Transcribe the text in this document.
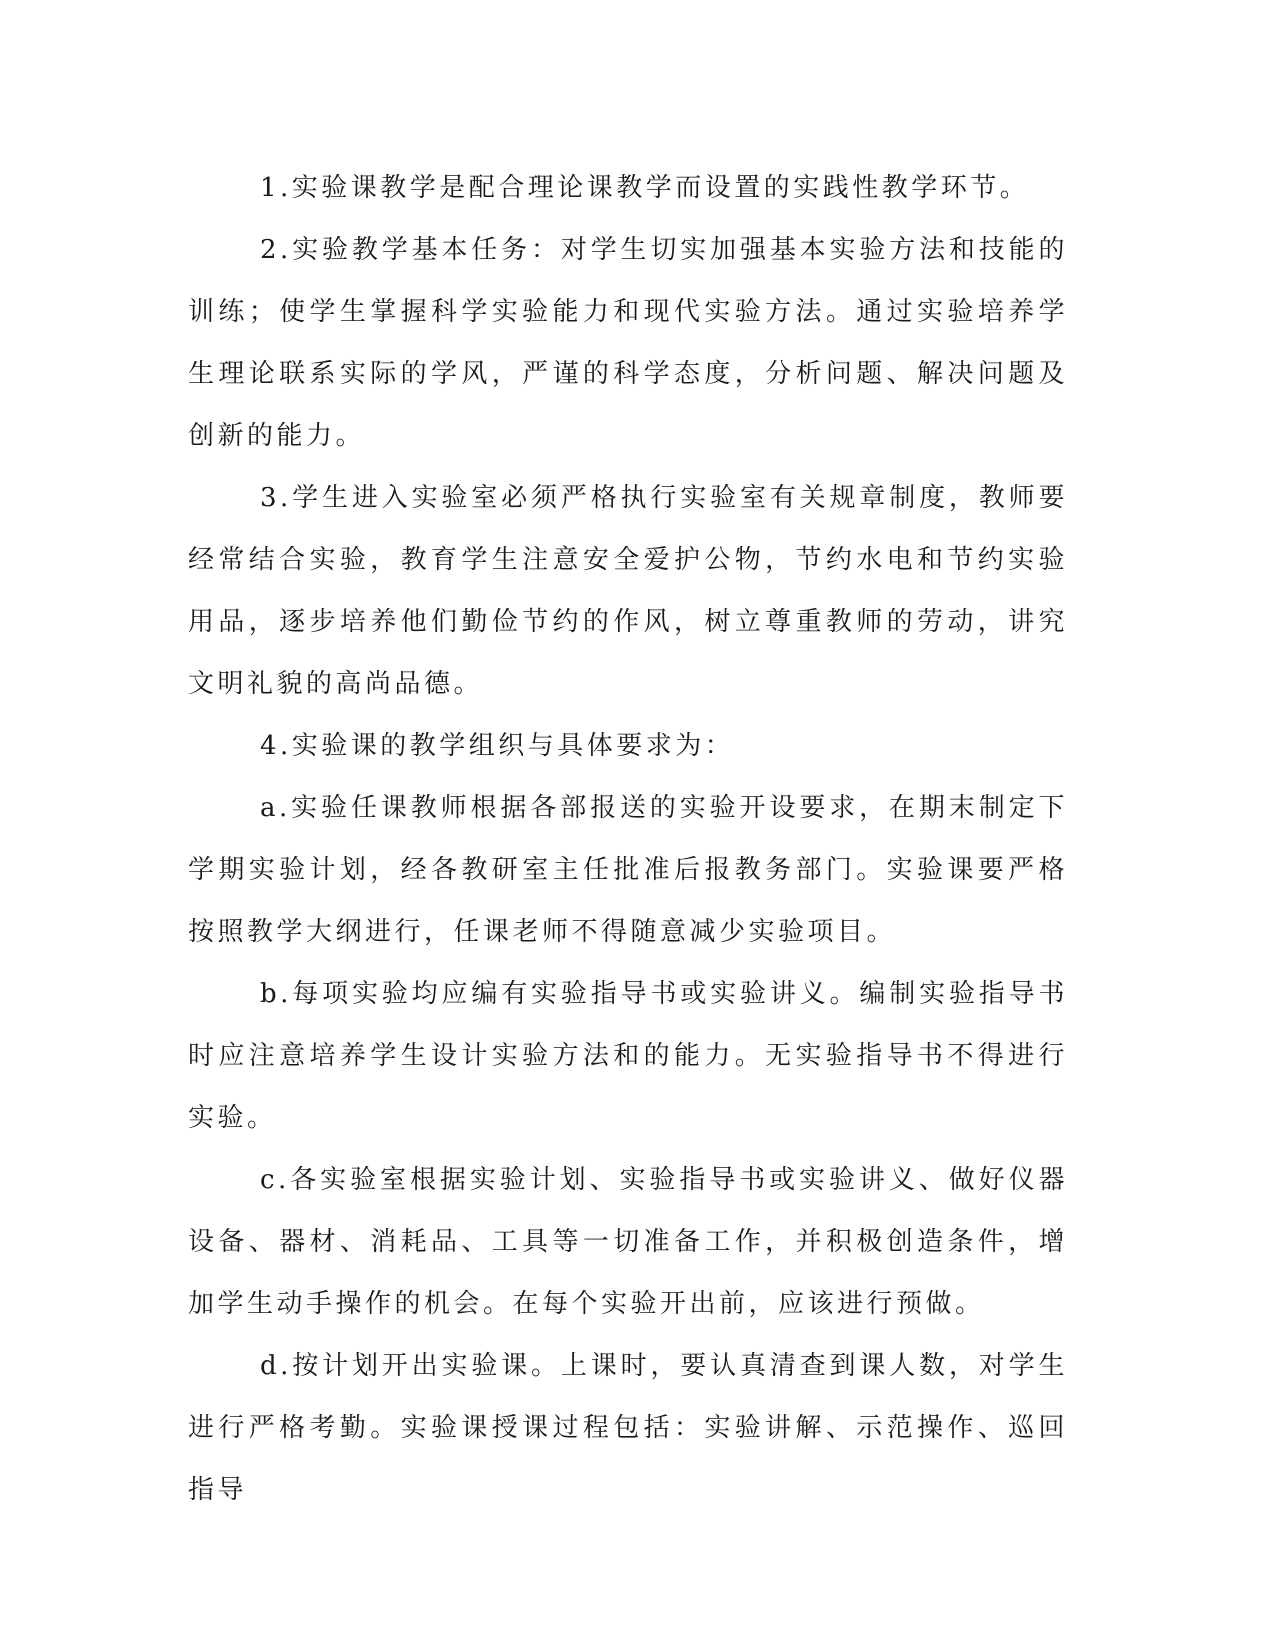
1.实验课教学是配合理论课教学而设置的实践性教学环节。

2.实验教学基本任务：对学生切实加强基本实验方法和技能的训练；使学生掌握科学实验能力和现代实验方法。通过实验培养学生理论联系实际的学风，严谨的科学态度，分析问题、解决问题及创新的能力。

3.学生进入实验室必须严格执行实验室有关规章制度，教师要经常结合实验，教育学生注意安全爱护公物，节约水电和节约实验用品，逐步培养他们勤俭节约的作风，树立尊重教师的劳动，讲究文明礼貌的高尚品德。

4.实验课的教学组织与具体要求为：

a.实验任课教师根据各部报送的实验开设要求，在期末制定下学期实验计划，经各教研室主任批准后报教务部门。实验课要严格按照教学大纲进行，任课老师不得随意减少实验项目。

b.每项实验均应编有实验指导书或实验讲义。编制实验指导书时应注意培养学生设计实验方法和的能力。无实验指导书不得进行实验。

c.各实验室根据实验计划、实验指导书或实验讲义、做好仪器设备、器材、消耗品、工具等一切准备工作，并积极创造条件，增加学生动手操作的机会。在每个实验开出前，应该进行预做。

d.按计划开出实验课。上课时，要认真清查到课人数，对学生进行严格考勤。实验课授课过程包括：实验讲解、示范操作、巡回指导
